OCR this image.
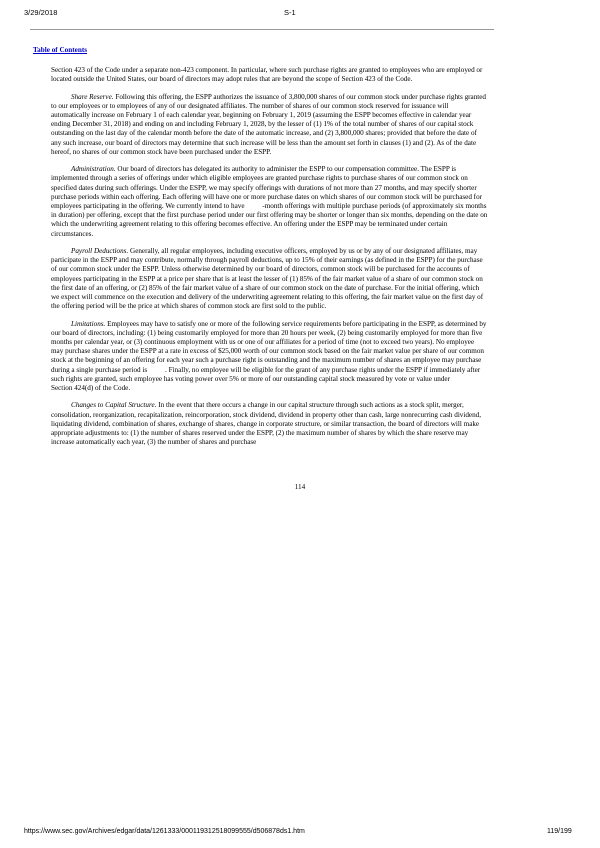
3/29/2018	S-1
Table of Contents
Section 423 of the Code under a separate non-423 component. In particular, where such purchase rights are granted to employees who are employed or
located outside the United States, our board of directors may adopt rules that are beyond the scope of Section 423 of the Code.
Share Reserve. Following this offering, the ESPP authorizes the issuance of 3,800,000 shares of our common stock under purchase rights granted
to our employees or to employees of any of our designated affiliates. The number of shares of our common stock reserved for issuance will
automatically increase on February 1 of each calendar year, beginning on February 1, 2019 (assuming the ESPP becomes effective in calendar year
ending December 31, 2018) and ending on and including February 1, 2028, by the lesser of (1) 1% of the total number of shares of our capital stock
outstanding on the last day of the calendar month before the date of the automatic increase, and (2) 3,800,000 shares; provided that before the date of
any such increase, our board of directors may determine that such increase will be less than the amount set forth in clauses (1) and (2). As of the date
hereof, no shares of our common stock have been purchased under the ESPP.
Administration. Our board of directors has delegated its authority to administer the ESPP to our compensation committee. The ESPP is
implemented through a series of offerings under which eligible employees are granted purchase rights to purchase shares of our common stock on
specified dates during such offerings. Under the ESPP, we may specify offerings with durations of not more than 27 months, and may specify shorter
purchase periods within each offering. Each offering will have one or more purchase dates on which shares of our common stock will be purchased for
employees participating in the offering. We currently intend to have          -month offerings with multiple purchase periods (of approximately six months
in duration) per offering, except that the first purchase period under our first offering may be shorter or longer than six months, depending on the date on
which the underwriting agreement relating to this offering becomes effective. An offering under the ESPP may be terminated under certain
circumstances.
Payroll Deductions. Generally, all regular employees, including executive officers, employed by us or by any of our designated affiliates, may
participate in the ESPP and may contribute, normally through payroll deductions, up to 15% of their earnings (as defined in the ESPP) for the purchase
of our common stock under the ESPP. Unless otherwise determined by our board of directors, common stock will be purchased for the accounts of
employees participating in the ESPP at a price per share that is at least the lesser of (1) 85% of the fair market value of a share of our common stock on
the first date of an offering, or (2) 85% of the fair market value of a share of our common stock on the date of purchase. For the initial offering, which
we expect will commence on the execution and delivery of the underwriting agreement relating to this offering, the fair market value on the first day of
the offering period will be the price at which shares of common stock are first sold to the public.
Limitations. Employees may have to satisfy one or more of the following service requirements before participating in the ESPP, as determined by
our board of directors, including: (1) being customarily employed for more than 20 hours per week, (2) being customarily employed for more than five
months per calendar year, or (3) continuous employment with us or one of our affiliates for a period of time (not to exceed two years). No employee
may purchase shares under the ESPP at a rate in excess of $25,000 worth of our common stock based on the fair market value per share of our common
stock at the beginning of an offering for each year such a purchase right is outstanding and the maximum number of shares an employee may purchase
during a single purchase period is          . Finally, no employee will be eligible for the grant of any purchase rights under the ESPP if immediately after
such rights are granted, such employee has voting power over 5% or more of our outstanding capital stock measured by vote or value under
Section 424(d) of the Code.
Changes to Capital Structure. In the event that there occurs a change in our capital structure through such actions as a stock split, merger,
consolidation, reorganization, recapitalization, reincorporation, stock dividend, dividend in property other than cash, large nonrecurring cash dividend,
liquidating dividend, combination of shares, exchange of shares, change in corporate structure, or similar transaction, the board of directors will make
appropriate adjustments to: (1) the number of shares reserved under the ESPP, (2) the maximum number of shares by which the share reserve may
increase automatically each year, (3) the number of shares and purchase
114
https://www.sec.gov/Archives/edgar/data/1261333/000119312518099555/d506878ds1.htm	119/199
